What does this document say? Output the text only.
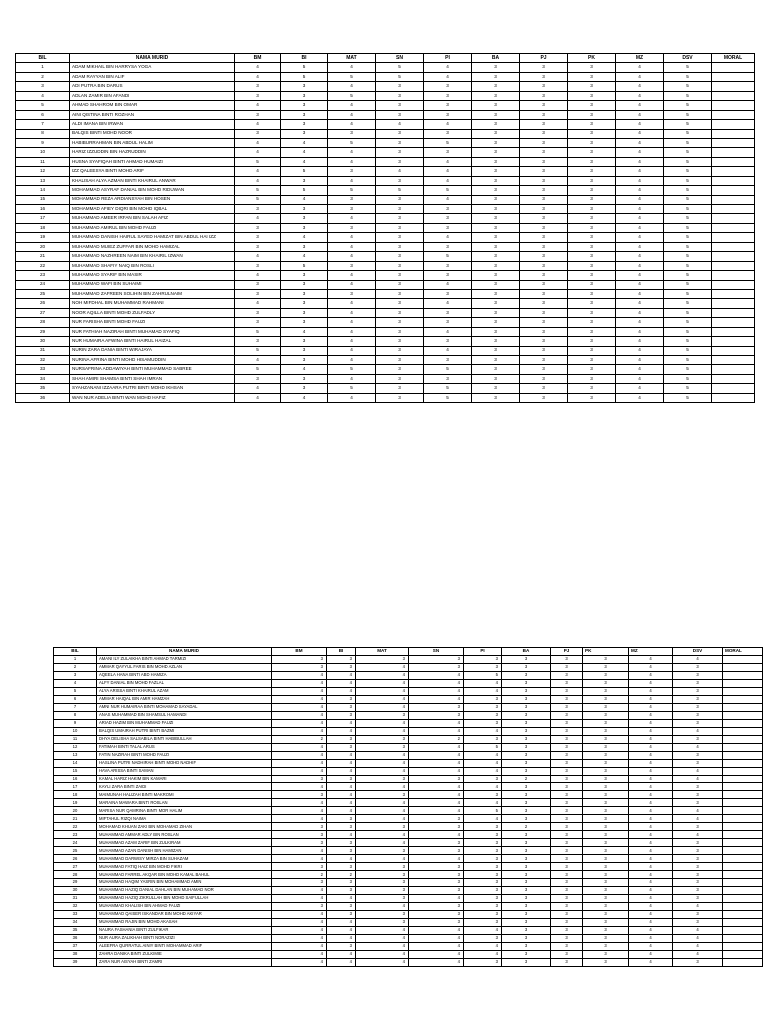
BIL	NAMA MURID	BM	BI	MAT	SN	PI	BA	PJ	PK	MZ	DSV	MORAL
1	ADAM MIKHAIL BIN HARRYSA YOGA	4	5	4	5	4	3	3	3	4	5	
2	ADAM RAYYAN BIN ALIF	4	5	5	5	4	3	3	3	4	5	
3	ADI PUTRA BIN DARUS	3	3	4	3	3	3	3	3	4	5	
4	ADLAN ZAMIR BIN AFANDI	3	3	5	3	3	3	3	3	4	5	
5	AHMAD SHAHROM BIN OMAR	4	3	4	3	3	3	3	3	4	5	
6	AINI QISTINA BINTI ROZHAN	3	3	4	3	3	3	3	3	4	5	
7	ALDI IMANA BIN IRWAN	4	3	4	4	4	3	3	3	4	5	
8	BALQIS BINTI MOHD NOOR	3	3	3	3	3	3	3	3	4	5	
9	HABIBURRAHMAN BIN ABDUL HALIM	4	4	5	3	5	3	3	3	4	5	
10	HARIZ IZZUDDIN BIN HAZRUDDIN	4	4	4	3	3	3	3	3	4	5	
11	HUSNA SYAFIQAH BINTI AHMAD HUMAIZI	5	4	4	3	4	3	3	3	4	5	
12	IZZ QALEESYA BINTI MOHD ARIF	4	5	3	4	4	3	3	3	4	5	
13	KHALISAH ALYA AZMAN BINTI KHAIRUL ANWAR	4	3	4	3	4	3	3	3	4	5	
14	MOHAMMAD ASYRAF DANIAL BIN MOHD RIDUWAN	5	5	5	5	5	3	3	3	4	5	
15	MOHAMMAD REZA ARDIANSYAH BIN HOSEN	5	4	3	3	4	3	3	3	4	5	
16	MOHAMMAD AFIEY DIQRI BIN MOHD IQBAL	3	3	3	3	3	3	3	3	4	5	
17	MUHAMMAD AMEER IRFAN BIN SALAH AFIZ	4	3	4	3	3	3	3	3	4	5	
18	MUHAMMAD AMIRUL BIN MOHD FAUZI	3	3	3	3	3	3	3	3	4	5	
19	MUHAMMAD DANISH HAIRUL SAYED HAMIZAT BIN ABDUL HAI IZZ	3	4	4	3	4	3	3	3	4	5	
20	MUHAMMAD MUIEZ ZUFFAR BIN MOHD HAMIZAL	3	3	4	3	3	3	3	3	4	5	
21	MUHAMMAD NAZHREEN NAIM BIN KHAIRIL IZWAN	4	4	4	3	5	3	3	3	4	5	
22	MUHAMMAD SHAFIY NAIQ BIN ROSLI	3	5	3	3	3	3	3	3	4	5	
23	MUHAMMAD SYARIF BIN MASIR	4	3	4	3	3	3	3	3	4	5	
24	MUHAMMAD WAFI BIN SUHAIMI	3	3	4	3	4	3	3	3	4	5	
25	MUHAMMAD ZAFREEN SOLIHIN BIN ZAHRULNAIM	3	3	3	3	3	3	3	3	4	5	
26	NOH MIFDHAL BIN MUHAMMAD RAHMANI	4	3	4	3	4	3	3	3	4	5	
27	NOOR AQILLA BINTI MOHD ZULFADLY	3	3	4	3	3	3	3	3	4	5	
28	NUR FARISHA BINTI MOHD FAUZI	3	3	4	3	3	3	3	3	4	5	
29	NUR FATHIAH NAZIRAH BINTI MUHAMAD SYAFIQ	5	4	4	3	4	3	3	3	4	5	
30	NUR HUMAIRA AFWINA BINTI HAIRUL HAIZAL	3	3	4	3	3	3	3	3	4	5	
31	NURIN ZARA DANIA BINTI WIRAJAYA	5	3	4	3	4	3	3	3	4	5	
32	NURINA AFRINA BINTI MOHD HISAMUDDIN	4	3	4	3	3	3	3	3	4	5	
33	NURSAFRINA ADDAWIYAH BINTI MUHAMMAD SABREE	5	4	5	3	5	3	3	3	4	5	
34	SHAH AMIRI SHAMSA BINTI SHAH IMRAN	3	3	4	3	3	3	3	3	4	5	
35	SYAHZANANI IZZAARA PUTRI BINTI MOHD IKHSAN	4	3	5	3	5	3	3	3	4	5	
36	WAN NUR ADELIA BINTI WAN MOHD HAFIZ	4	4	4	3	5	3	3	3	4	5	
BIL	NAMA MURID	BM	BI	MAT	SN	PI	BA	PJ	PK	MZ	DSV	MORAL
1	AMANI ILY ZULAIKHA BINTI AHMAD TARMIZI	3	3	3	3	3	3	3	3	4	4	
2	AMMAR QAYYUL FARIS BIN MOHD AZLAN	3	3	4	3	3	3	3	3	4	3	
3	AQEELA HANA BINTI ABD HAMIZA	4	4	4	4	5	3	3	3	4	3	
4	ALFY DANIAL BIN MOHD FAZLAL	4	4	4	4	4	3	3	3	4	3	
5	ALYA ARISSA BINTI KHAIRUL AZAM	4	4	4	4	4	3	3	3	4	3	
6	AMMAR HAIQAL BIN AMIR HAMZAH	4	3	4	4	3	3	3	3	4	3	
7	AMNI NUR HUMAIRAA BINTI MOHAMAD SAYADAL	4	3	4	3	3	3	3	3	4	3	
8	ANAS MUHAMMAD BIN SHAMSUL HAMANDI	4	3	3	3	3	3	3	3	4	3	
9	ARIAD HAZIM BIN MUHAMMAD FAUZI	4	4	4	4	3	3	3	3	4	3	
10	BALQIS UMAIRAH PUTRI BINTI BAZMI	4	4	4	4	4	3	3	3	4	4	
11	DHYA DELISHA SALSABILA BINTI HABIBULLAH	2	3	3	2	3	3	3	3	4	3	
12	FATIMAH BINTI TALAL ARUS	4	3	3	4	5	3	3	3	4	4	
13	FATIN NAZIRAH BINTI MOHD FAUZI	4	4	4	4	4	3	3	3	4	3	
14	HASLINA PUTRI NADHIRAH BINTI MOHD NADHIF	4	4	4	4	4	3	3	3	4	3	
15	HAVA ARISSA BINTI SAMAN	4	4	4	4	4	3	3	3	4	4	
16	KAMAL HARIZ HAKIM BIN KAMARI	3	3	3	3	3	2	3	3	4	4	
17	KAYLI ZARA BINTI ZAIDI	4	4	4	4	4	3	3	3	4	3	
18	MAIMUNAH HALIZAH BINTI MAKROMI	3	4	3	4	3	3	3	3	4	3	
19	MARAINA MAWARA BINTI ROSLAN	4	4	4	4	4	3	3	3	4	3	
20	MARISA NUR QAMRINA BINTI MOR HALIM	4	4	4	4	5	3	3	3	4	4	
21	MIFTAHUL RIZQI NAIMA	4	3	4	3	4	3	3	3	4	4	
22	MOHAMAD KHUAN ZAKI BIN MOHAMAD ZIHAN	3	3	3	3	3	2	3	3	4	3	
23	MUHAMMAD AMMAR ADLY BIN ROSLAN	3	4	4	4	3	3	3	3	4	4	
24	MUHAMMAD AZAM ZARIF BIN ZULKIRAM	3	3	4	3	3	3	3	3	4	3	
25	MUHAMMAD AZAN DANISH BIN HAMIZAN	4	3	3	3	3	3	3	3	4	3	
26	MUHAMMAD DARWISY MIRZA BIN SUHAZAM	4	4	4	4	3	3	3	3	4	3	
27	MUHAMMAD FATIQ HAIZ BIN MOHD FIKRI	3	3	3	3	3	3	3	3	4	3	
28	MUHAMMAD FARREL AKQAR BIN MOHD KAMAL BAHUL	2	2	3	3	3	3	3	3	4	3	
29	MUHAMMAD HAQIM YASRIN BIN MOHAMMAD AMIN	3	3	3	3	3	3	3	3	4	3	
30	MUHAMMAD HAZIQ DANIAL DAHLAN BIN MUHAMAD NOR	4	3	3	3	3	3	3	3	4	3	
31	MUHAMMAD HAZIQ ZIKRULLAH BIN MOHD SAIFULLAH	4	4	3	4	3	3	3	3	4	3	
32	MUHAMMAD KHALISH BIN AHMAD FAUZI	3	3	4	3	3	3	3	3	4	4	
33	MUHAMMAD QAISER ISKANDAR BIN MOHD AKIYAR	4	3	3	3	3	3	3	3	4	3	
34	MUHAMMAD RAJIN BIN MOHD AKASAH	4	4	3	3	3	3	3	3	4	3	
35	NAURA FASHANIA BINTI ZULFIKAR	4	4	4	4	4	3	3	3	4	4	
36	NUR AURA ZALIKHAH BINTI NORAZIZI	4	4	4	4	3	3	3	3	4	4	
37	ALEEFRA QURRATUL AINIY BINTI MOHAMMAD ARIF	4	3	4	4	4	3	3	3	4	4	
38	ZAHRA DANIKA BINTI ZULKIMIE	4	4	4	4	4	3	3	3	4	4	
39	ZARA NUR AISYAH BINTI ZAMRI	4	4	4	4	3	3	3	3	4	3	
